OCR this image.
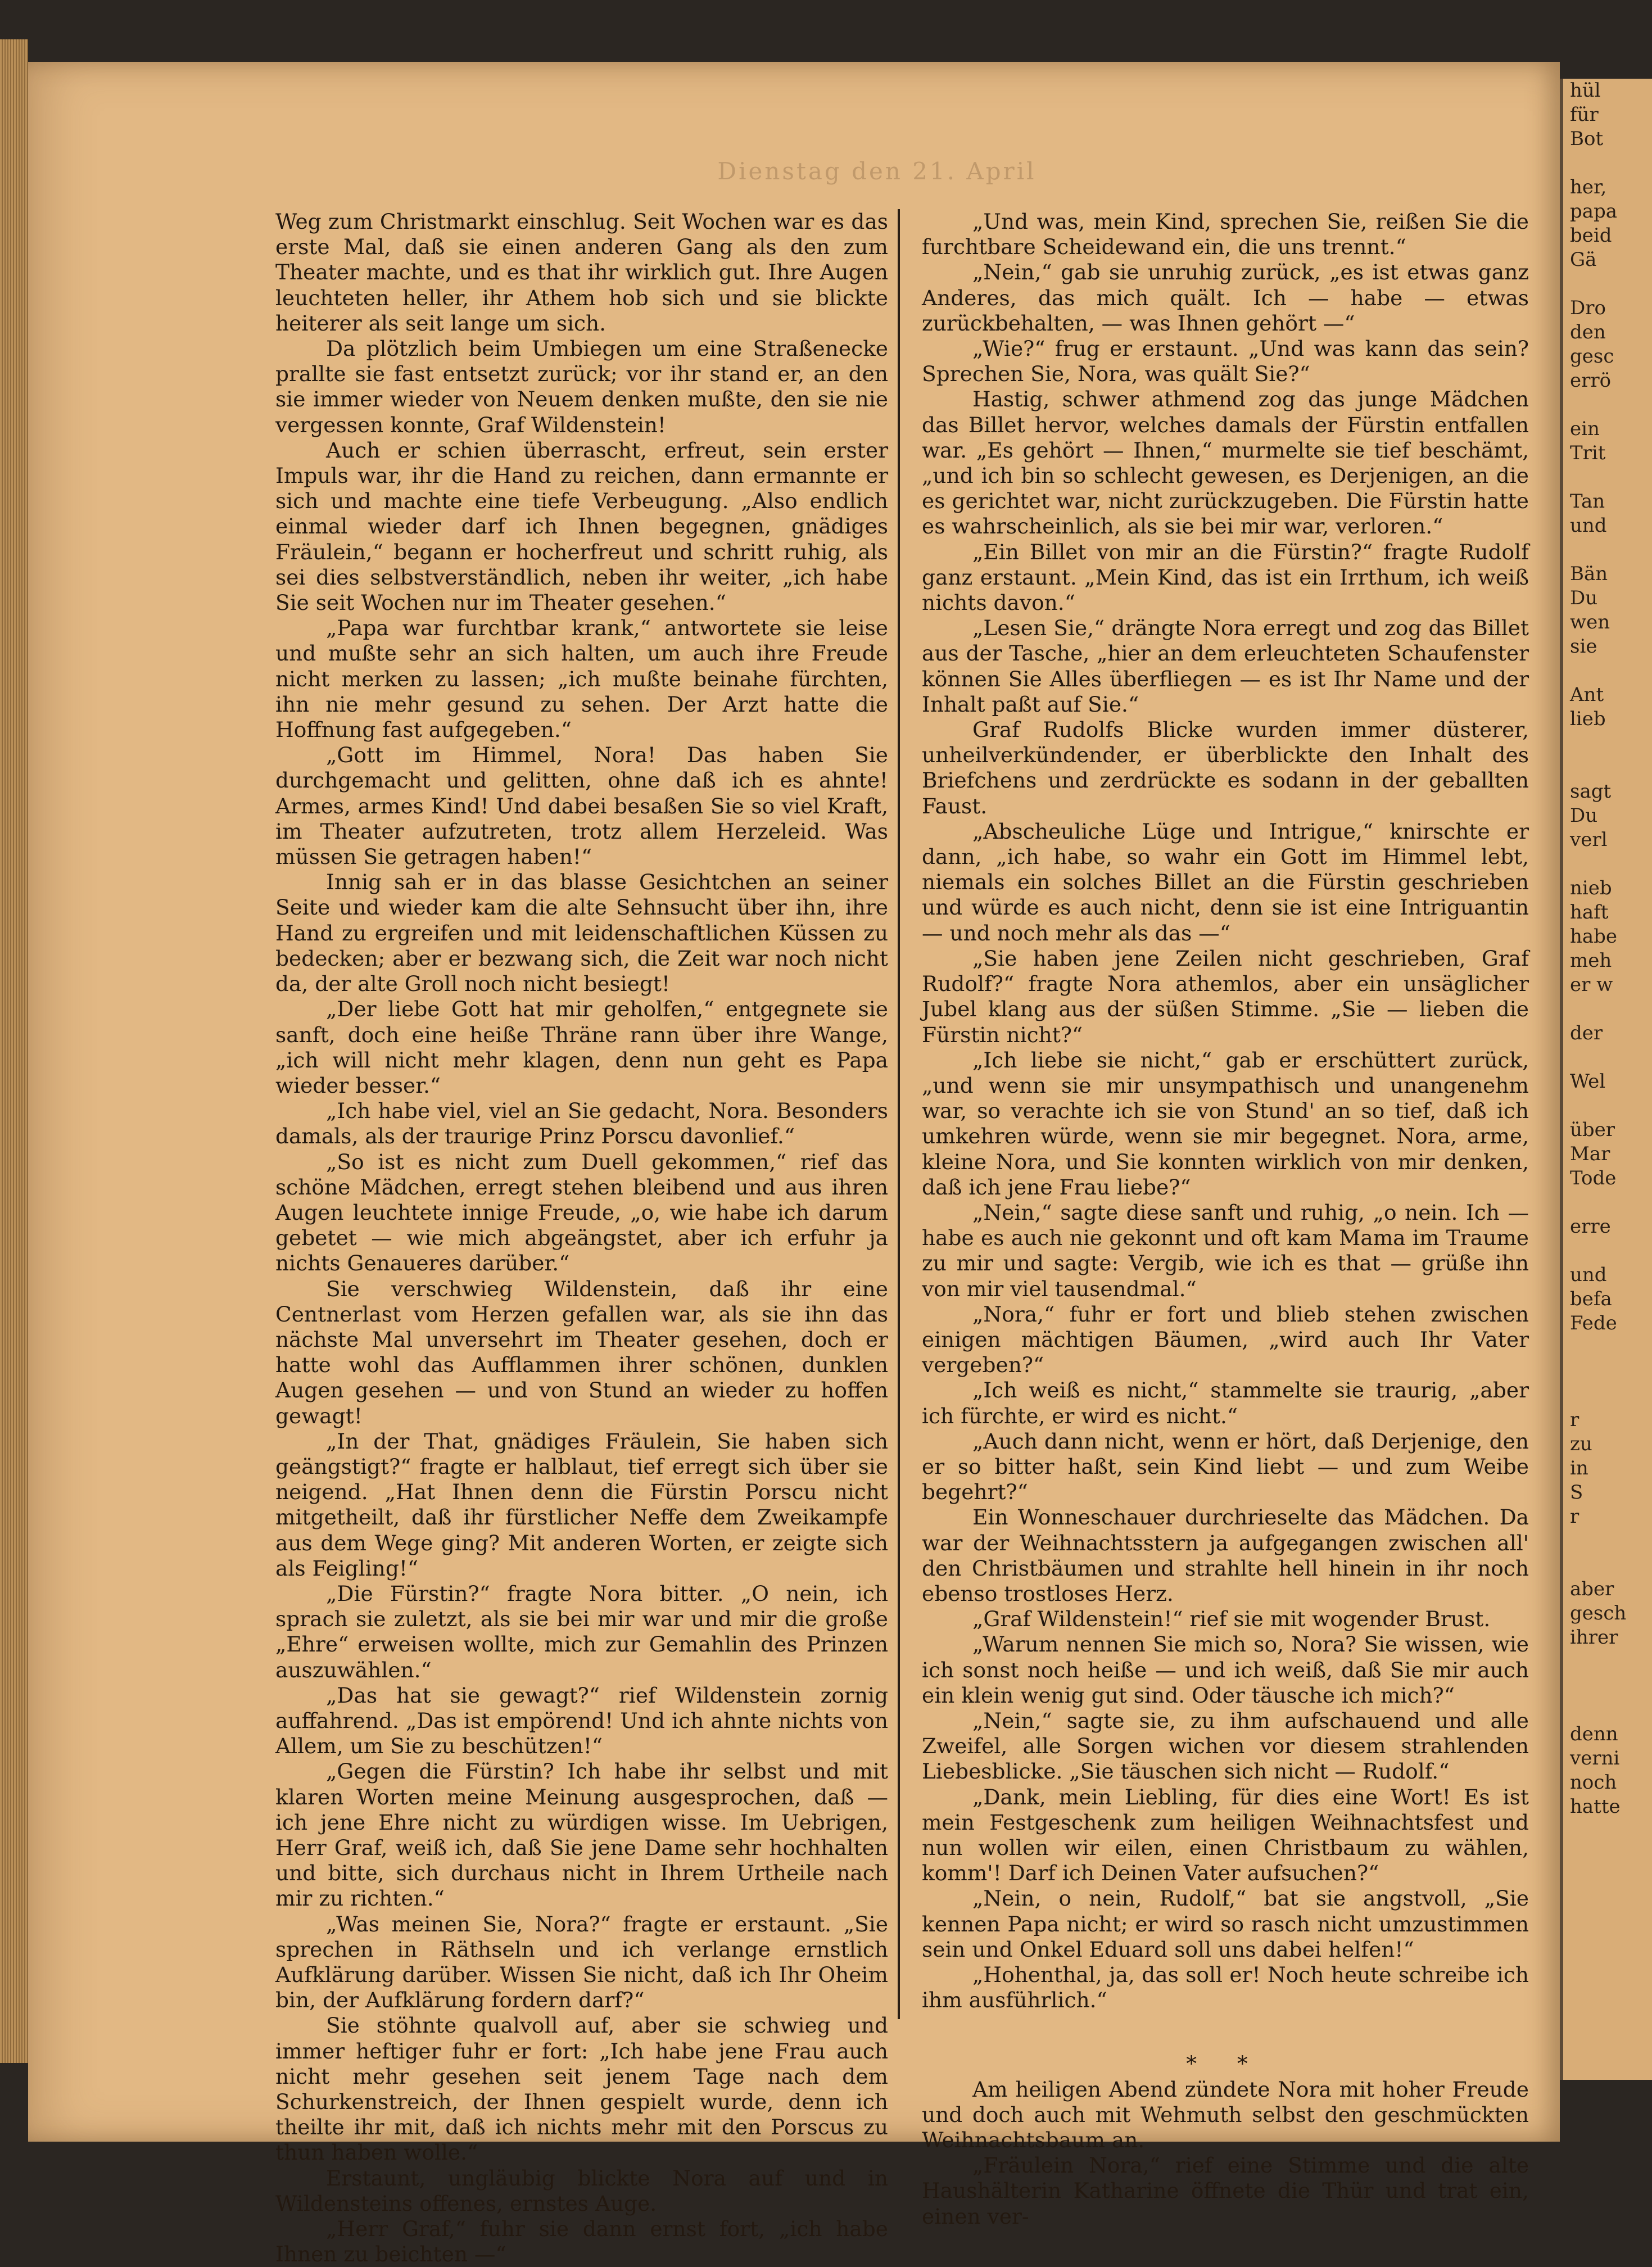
Dienstag den 21. April

Weg zum Christmarkt einschlug. Seit Wochen war es das erste Mal, daß sie einen anderen Gang als den zum Theater machte, und es that ihr wirklich gut. Ihre Augen leuchteten heller, ihr Athem hob sich und sie blickte heiterer als seit lange um sich.

Da plötzlich beim Umbiegen um eine Straßenecke prallte sie fast entsetzt zurück; vor ihr stand er, an den sie immer wieder von Neuem denken mußte, den sie nie vergessen konnte, Graf Wildenstein!

Auch er schien überrascht, erfreut, sein erster Impuls war, ihr die Hand zu reichen, dann ermannte er sich und machte eine tiefe Verbeugung. „Also endlich einmal wieder darf ich Ihnen begegnen, gnädiges Fräulein,“ begann er hocherfreut und schritt ruhig, als sei dies selbstverständlich, neben ihr weiter, „ich habe Sie seit Wochen nur im Theater gesehen.“

„Papa war furchtbar krank,“ antwortete sie leise und mußte sehr an sich halten, um auch ihre Freude nicht merken zu lassen; „ich mußte beinahe fürchten, ihn nie mehr gesund zu sehen. Der Arzt hatte die Hoffnung fast aufgegeben.“

„Gott im Himmel, Nora! Das haben Sie durchgemacht und gelitten, ohne daß ich es ahnte! Armes, armes Kind! Und dabei besaßen Sie so viel Kraft, im Theater aufzutreten, trotz allem Herzeleid. Was müssen Sie getragen haben!“

Innig sah er in das blasse Gesichtchen an seiner Seite und wieder kam die alte Sehnsucht über ihn, ihre Hand zu ergreifen und mit leidenschaftlichen Küssen zu bedecken; aber er bezwang sich, die Zeit war noch nicht da, der alte Groll noch nicht besiegt!

„Der liebe Gott hat mir geholfen,“ entgegnete sie sanft, doch eine heiße Thräne rann über ihre Wange, „ich will nicht mehr klagen, denn nun geht es Papa wieder besser.“

„Ich habe viel, viel an Sie gedacht, Nora. Besonders damals, als der traurige Prinz Porscu davonlief.“

„So ist es nicht zum Duell gekommen,“ rief das schöne Mädchen, erregt stehen bleibend und aus ihren Augen leuchtete innige Freude, „o, wie habe ich darum gebetet — wie mich abgeängstet, aber ich erfuhr ja nichts Genaueres darüber.“

Sie verschwieg Wildenstein, daß ihr eine Centnerlast vom Herzen gefallen war, als sie ihn das nächste Mal unversehrt im Theater gesehen, doch er hatte wohl das Aufflammen ihrer schönen, dunklen Augen gesehen — und von Stund an wieder zu hoffen gewagt!

„In der That, gnädiges Fräulein, Sie haben sich geängstigt?“ fragte er halblaut, tief erregt sich über sie neigend. „Hat Ihnen denn die Fürstin Porscu nicht mitgetheilt, daß ihr fürstlicher Neffe dem Zweikampfe aus dem Wege ging? Mit anderen Worten, er zeigte sich als Feigling!“

„Die Fürstin?“ fragte Nora bitter. „O nein, ich sprach sie zuletzt, als sie bei mir war und mir die große „Ehre“ erweisen wollte, mich zur Gemahlin des Prinzen auszuwählen.“

„Das hat sie gewagt?“ rief Wildenstein zornig auffahrend. „Das ist empörend! Und ich ahnte nichts von Allem, um Sie zu beschützen!“

„Gegen die Fürstin? Ich habe ihr selbst und mit klaren Worten meine Meinung ausgesprochen, daß — ich jene Ehre nicht zu würdigen wisse. Im Uebrigen, Herr Graf, weiß ich, daß Sie jene Dame sehr hochhalten und bitte, sich durchaus nicht in Ihrem Urtheile nach mir zu richten.“

„Was meinen Sie, Nora?“ fragte er erstaunt. „Sie sprechen in Räthseln und ich verlange ernstlich Aufklärung darüber. Wissen Sie nicht, daß ich Ihr Oheim bin, der Aufklärung fordern darf?“

Sie stöhnte qualvoll auf, aber sie schwieg und immer heftiger fuhr er fort: „Ich habe jene Frau auch nicht mehr gesehen seit jenem Tage nach dem Schurkenstreich, der Ihnen gespielt wurde, denn ich theilte ihr mit, daß ich nichts mehr mit den Porscus zu thun haben wolle.“

Erstaunt, ungläubig blickte Nora auf und in Wildensteins offenes, ernstes Auge.

„Herr Graf,“ fuhr sie dann ernst fort, „ich habe Ihnen zu beichten —“

„Und was, mein Kind, sprechen Sie, reißen Sie die furchtbare Scheidewand ein, die uns trennt.“

„Nein,“ gab sie unruhig zurück, „es ist etwas ganz Anderes, das mich quält. Ich — habe — etwas zurückbehalten, — was Ihnen gehört —“

„Wie?“ frug er erstaunt. „Und was kann das sein? Sprechen Sie, Nora, was quält Sie?“

Hastig, schwer athmend zog das junge Mädchen das Billet hervor, welches damals der Fürstin entfallen war. „Es gehört — Ihnen,“ murmelte sie tief beschämt, „und ich bin so schlecht gewesen, es Derjenigen, an die es gerichtet war, nicht zurückzugeben. Die Fürstin hatte es wahrscheinlich, als sie bei mir war, verloren.“

„Ein Billet von mir an die Fürstin?“ fragte Rudolf ganz erstaunt. „Mein Kind, das ist ein Irrthum, ich weiß nichts davon.“

„Lesen Sie,“ drängte Nora erregt und zog das Billet aus der Tasche, „hier an dem erleuchteten Schaufenster können Sie Alles überfliegen — es ist Ihr Name und der Inhalt paßt auf Sie.“

Graf Rudolfs Blicke wurden immer düsterer, unheilverkündender, er überblickte den Inhalt des Briefchens und zerdrückte es sodann in der geballten Faust.

„Abscheuliche Lüge und Intrigue,“ knirschte er dann, „ich habe, so wahr ein Gott im Himmel lebt, niemals ein solches Billet an die Fürstin geschrieben und würde es auch nicht, denn sie ist eine Intriguantin — und noch mehr als das —“

„Sie haben jene Zeilen nicht geschrieben, Graf Rudolf?“ fragte Nora athemlos, aber ein unsäglicher Jubel klang aus der süßen Stimme. „Sie — lieben die Fürstin nicht?“

„Ich liebe sie nicht,“ gab er erschüttert zurück, „und wenn sie mir unsympathisch und unangenehm war, so verachte ich sie von Stund' an so tief, daß ich umkehren würde, wenn sie mir begegnet. Nora, arme, kleine Nora, und Sie konnten wirklich von mir denken, daß ich jene Frau liebe?“

„Nein,“ sagte diese sanft und ruhig, „o nein. Ich — habe es auch nie gekonnt und oft kam Mama im Traume zu mir und sagte: Vergib, wie ich es that — grüße ihn von mir viel tausendmal.“

„Nora,“ fuhr er fort und blieb stehen zwischen einigen mächtigen Bäumen, „wird auch Ihr Vater vergeben?“

„Ich weiß es nicht,“ stammelte sie traurig, „aber ich fürchte, er wird es nicht.“

„Auch dann nicht, wenn er hört, daß Derjenige, den er so bitter haßt, sein Kind liebt — und zum Weibe begehrt?“

Ein Wonneschauer durchrieselte das Mädchen. Da war der Weihnachtsstern ja aufgegangen zwischen all' den Christbäumen und strahlte hell hinein in ihr noch ebenso trostloses Herz.

„Graf Wildenstein!“ rief sie mit wogender Brust.

„Warum nennen Sie mich so, Nora? Sie wissen, wie ich sonst noch heiße — und ich weiß, daß Sie mir auch ein klein wenig gut sind. Oder täusche ich mich?“

„Nein,“ sagte sie, zu ihm aufschauend und alle Zweifel, alle Sorgen wichen vor diesem strahlenden Liebesblicke. „Sie täuschen sich nicht — Rudolf.“

„Dank, mein Liebling, für dies eine Wort! Es ist mein Festgeschenk zum heiligen Weihnachtsfest und nun wollen wir eilen, einen Christbaum zu wählen, komm'! Darf ich Deinen Vater aufsuchen?“

„Nein, o nein, Rudolf,“ bat sie angstvoll, „Sie kennen Papa nicht; er wird so rasch nicht umzustimmen sein und Onkel Eduard soll uns dabei helfen!“

„Hohenthal, ja, das soll er! Noch heute schreibe ich ihm ausführlich.“

* *

Am heiligen Abend zündete Nora mit hoher Freude und doch auch mit Wehmuth selbst den geschmückten Weihnachtsbaum an.

„Fräulein Nora,“ rief eine Stimme und die alte Haushälterin Katharine öffnete die Thür und trat ein, einen ver-

hül
für
Bot

her,
papa
beid
Gä

Dro
den
gesc
errö

ein
Trit

Tan
und

Bän
Du
wen
sie

Ant
lieb

sagt
Du
verl

nieb
haft
habe
meh
er w

der

Wel

über
Mar
Tode

erre

und
befa
Fede

r
zu
in
S
r

aber
gesch
ihrer

denn
verni
noch
hatte
